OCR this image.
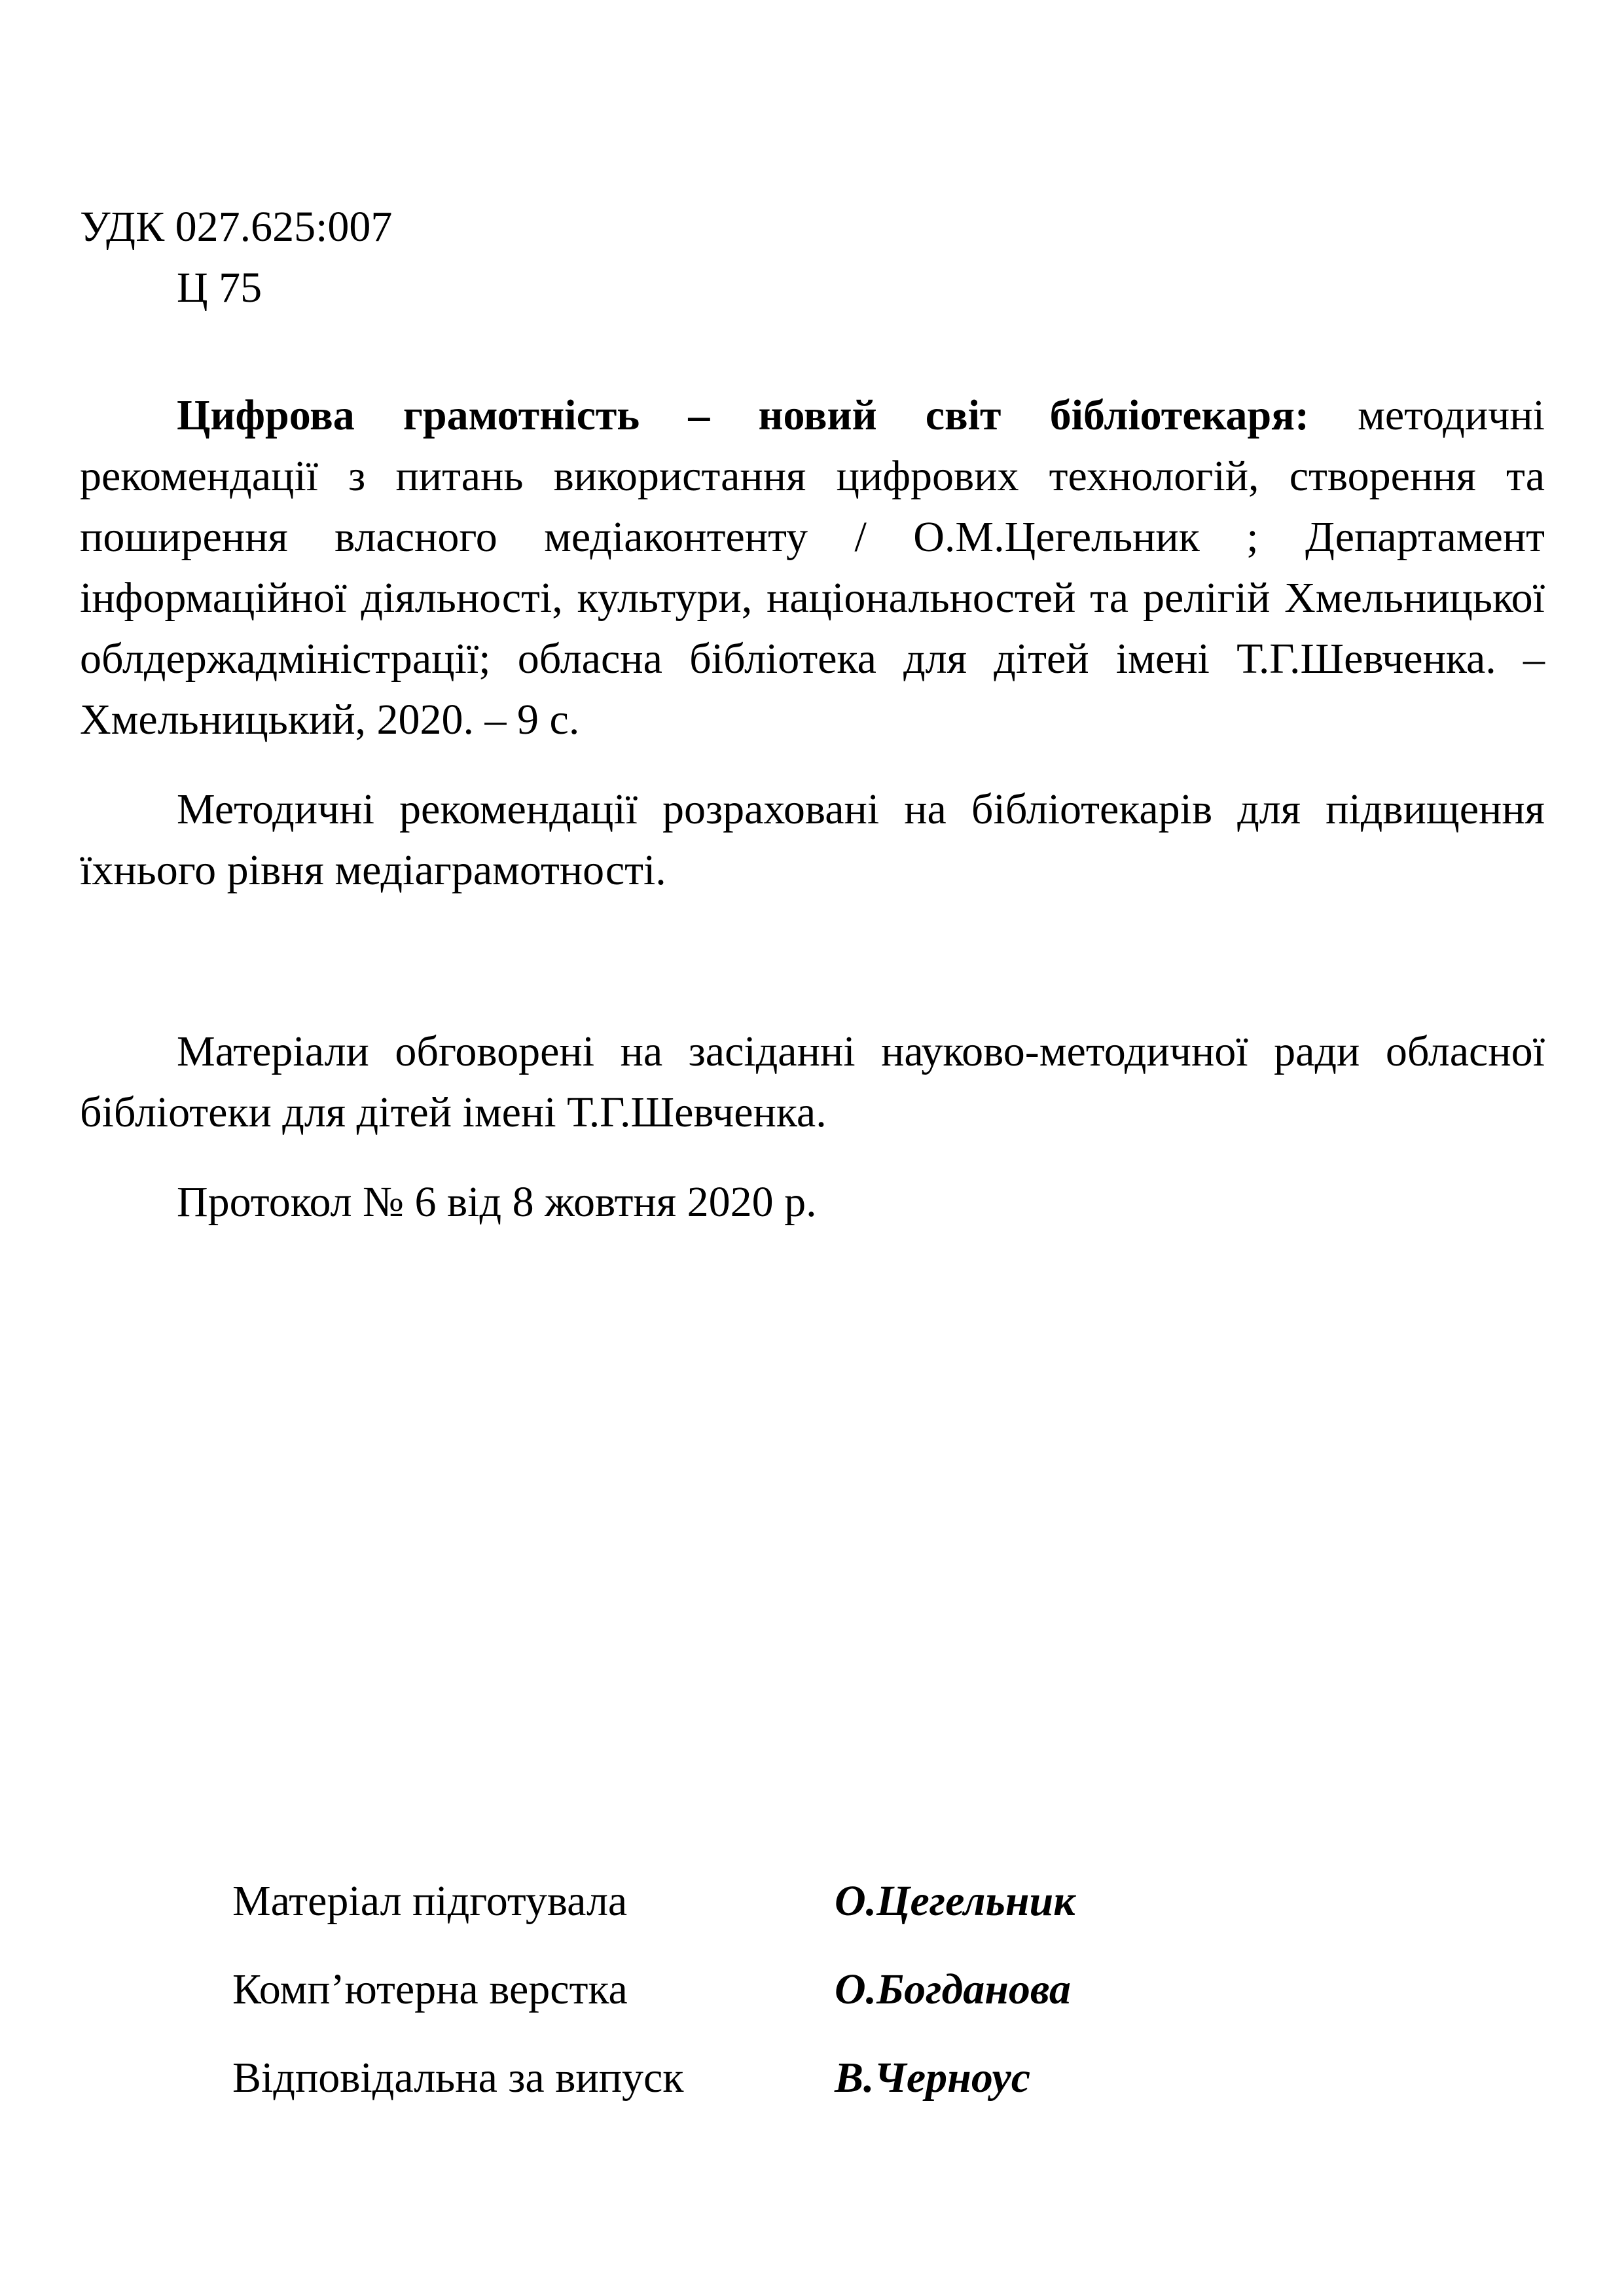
УДК 027.625:007
Ц 75

Цифрова грамотність – новий світ бібліотекаря: методичні рекомендації з питань використання цифрових технологій, створення та поширення власного медіаконтенту / О.М.Цегельник ; Департамент інформаційної діяльності, культури, національностей та релігій Хмельницької облдержадміністрації; обласна бібліотека для дітей імені Т.Г.Шевченка. – Хмельницький, 2020. – 9 с.

Методичні рекомендації розраховані на бібліотекарів для підвищення їхнього рівня медіаграмотності.

Матеріали обговорені на засіданні науково-методичної ради обласної бібліотеки для дітей імені Т.Г.Шевченка.

Протокол № 6 від 8 жовтня 2020 р.

Матеріал підготувала	О.Цегельник
Комп’ютерна верстка	О.Богданова
Відповідальна за випуск	В.Черноус
